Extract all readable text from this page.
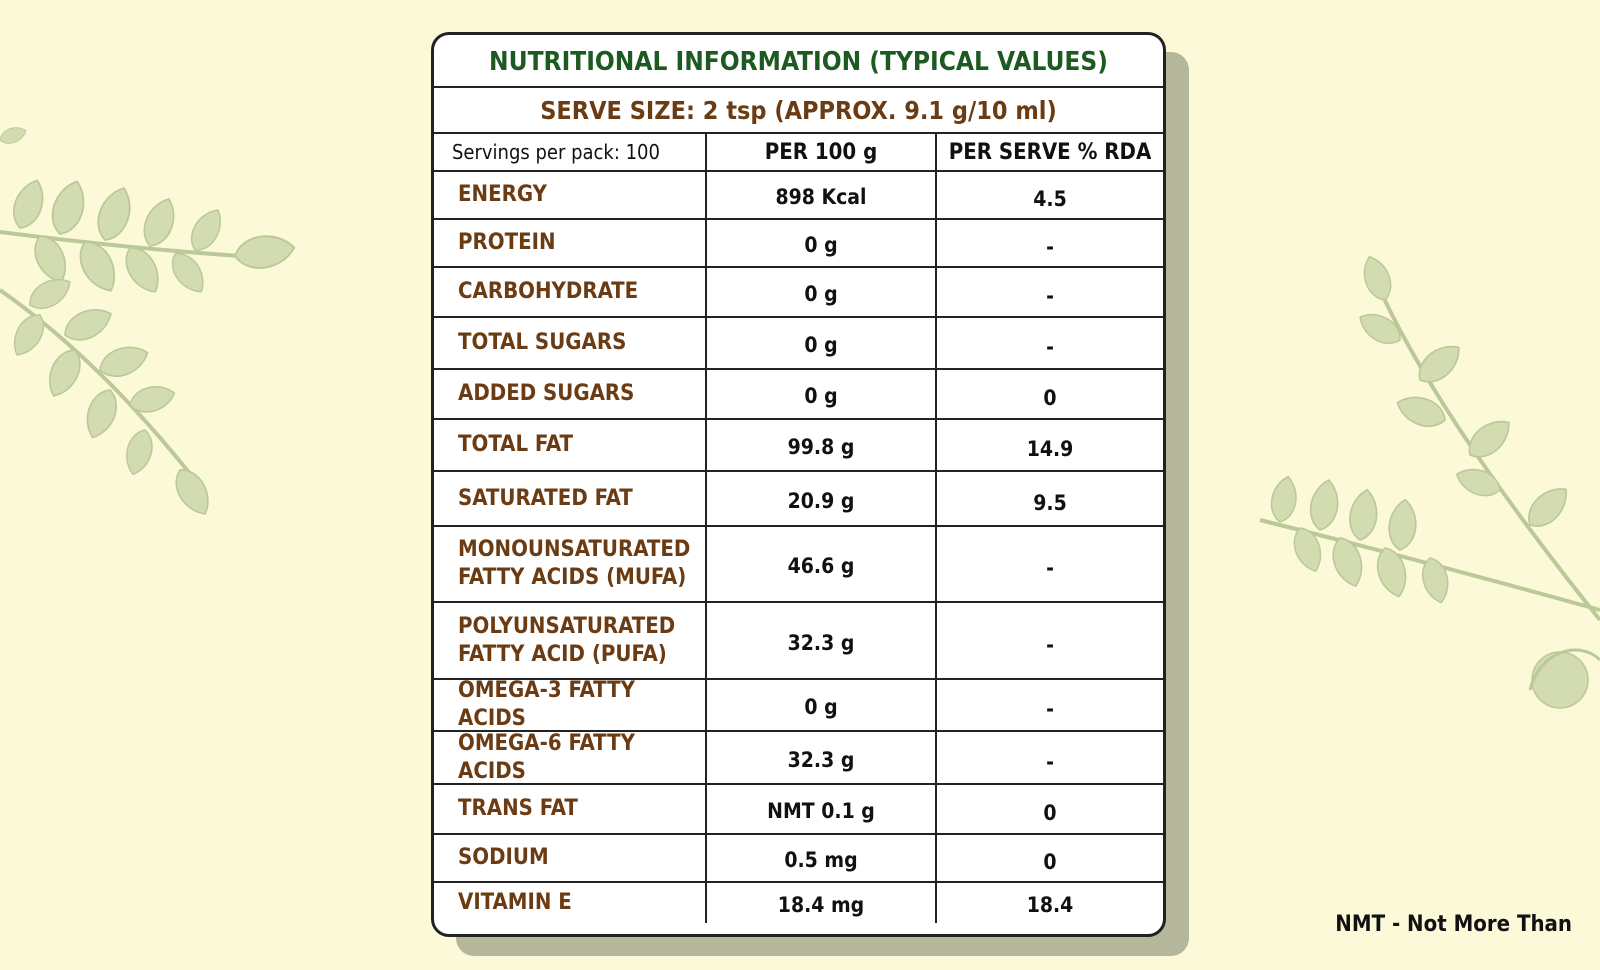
NUTRITIONAL INFORMATION (TYPICAL VALUES)
SERVE SIZE: 2 tsp (APPROX. 9.1 g/10 ml)
Servings per pack: 100	PER 100 g	PER SERVE % RDA
ENERGY	898 Kcal	4.5
PROTEIN	0 g	-
CARBOHYDRATE	0 g	-
TOTAL SUGARS	0 g	-
ADDED SUGARS	0 g	0
TOTAL FAT	99.8 g	14.9
SATURATED FAT	20.9 g	9.5
MONOUNSATURATED FATTY ACIDS (MUFA)	46.6 g	-
POLYUNSATURATED FATTY ACID (PUFA)	32.3 g	-
OMEGA-3 FATTY ACIDS	0 g	-
OMEGA-6 FATTY ACIDS	32.3 g	-
TRANS FAT	NMT 0.1 g	0
SODIUM	0.5 mg	0
VITAMIN E	18.4 mg	18.4
NMT - Not More Than
